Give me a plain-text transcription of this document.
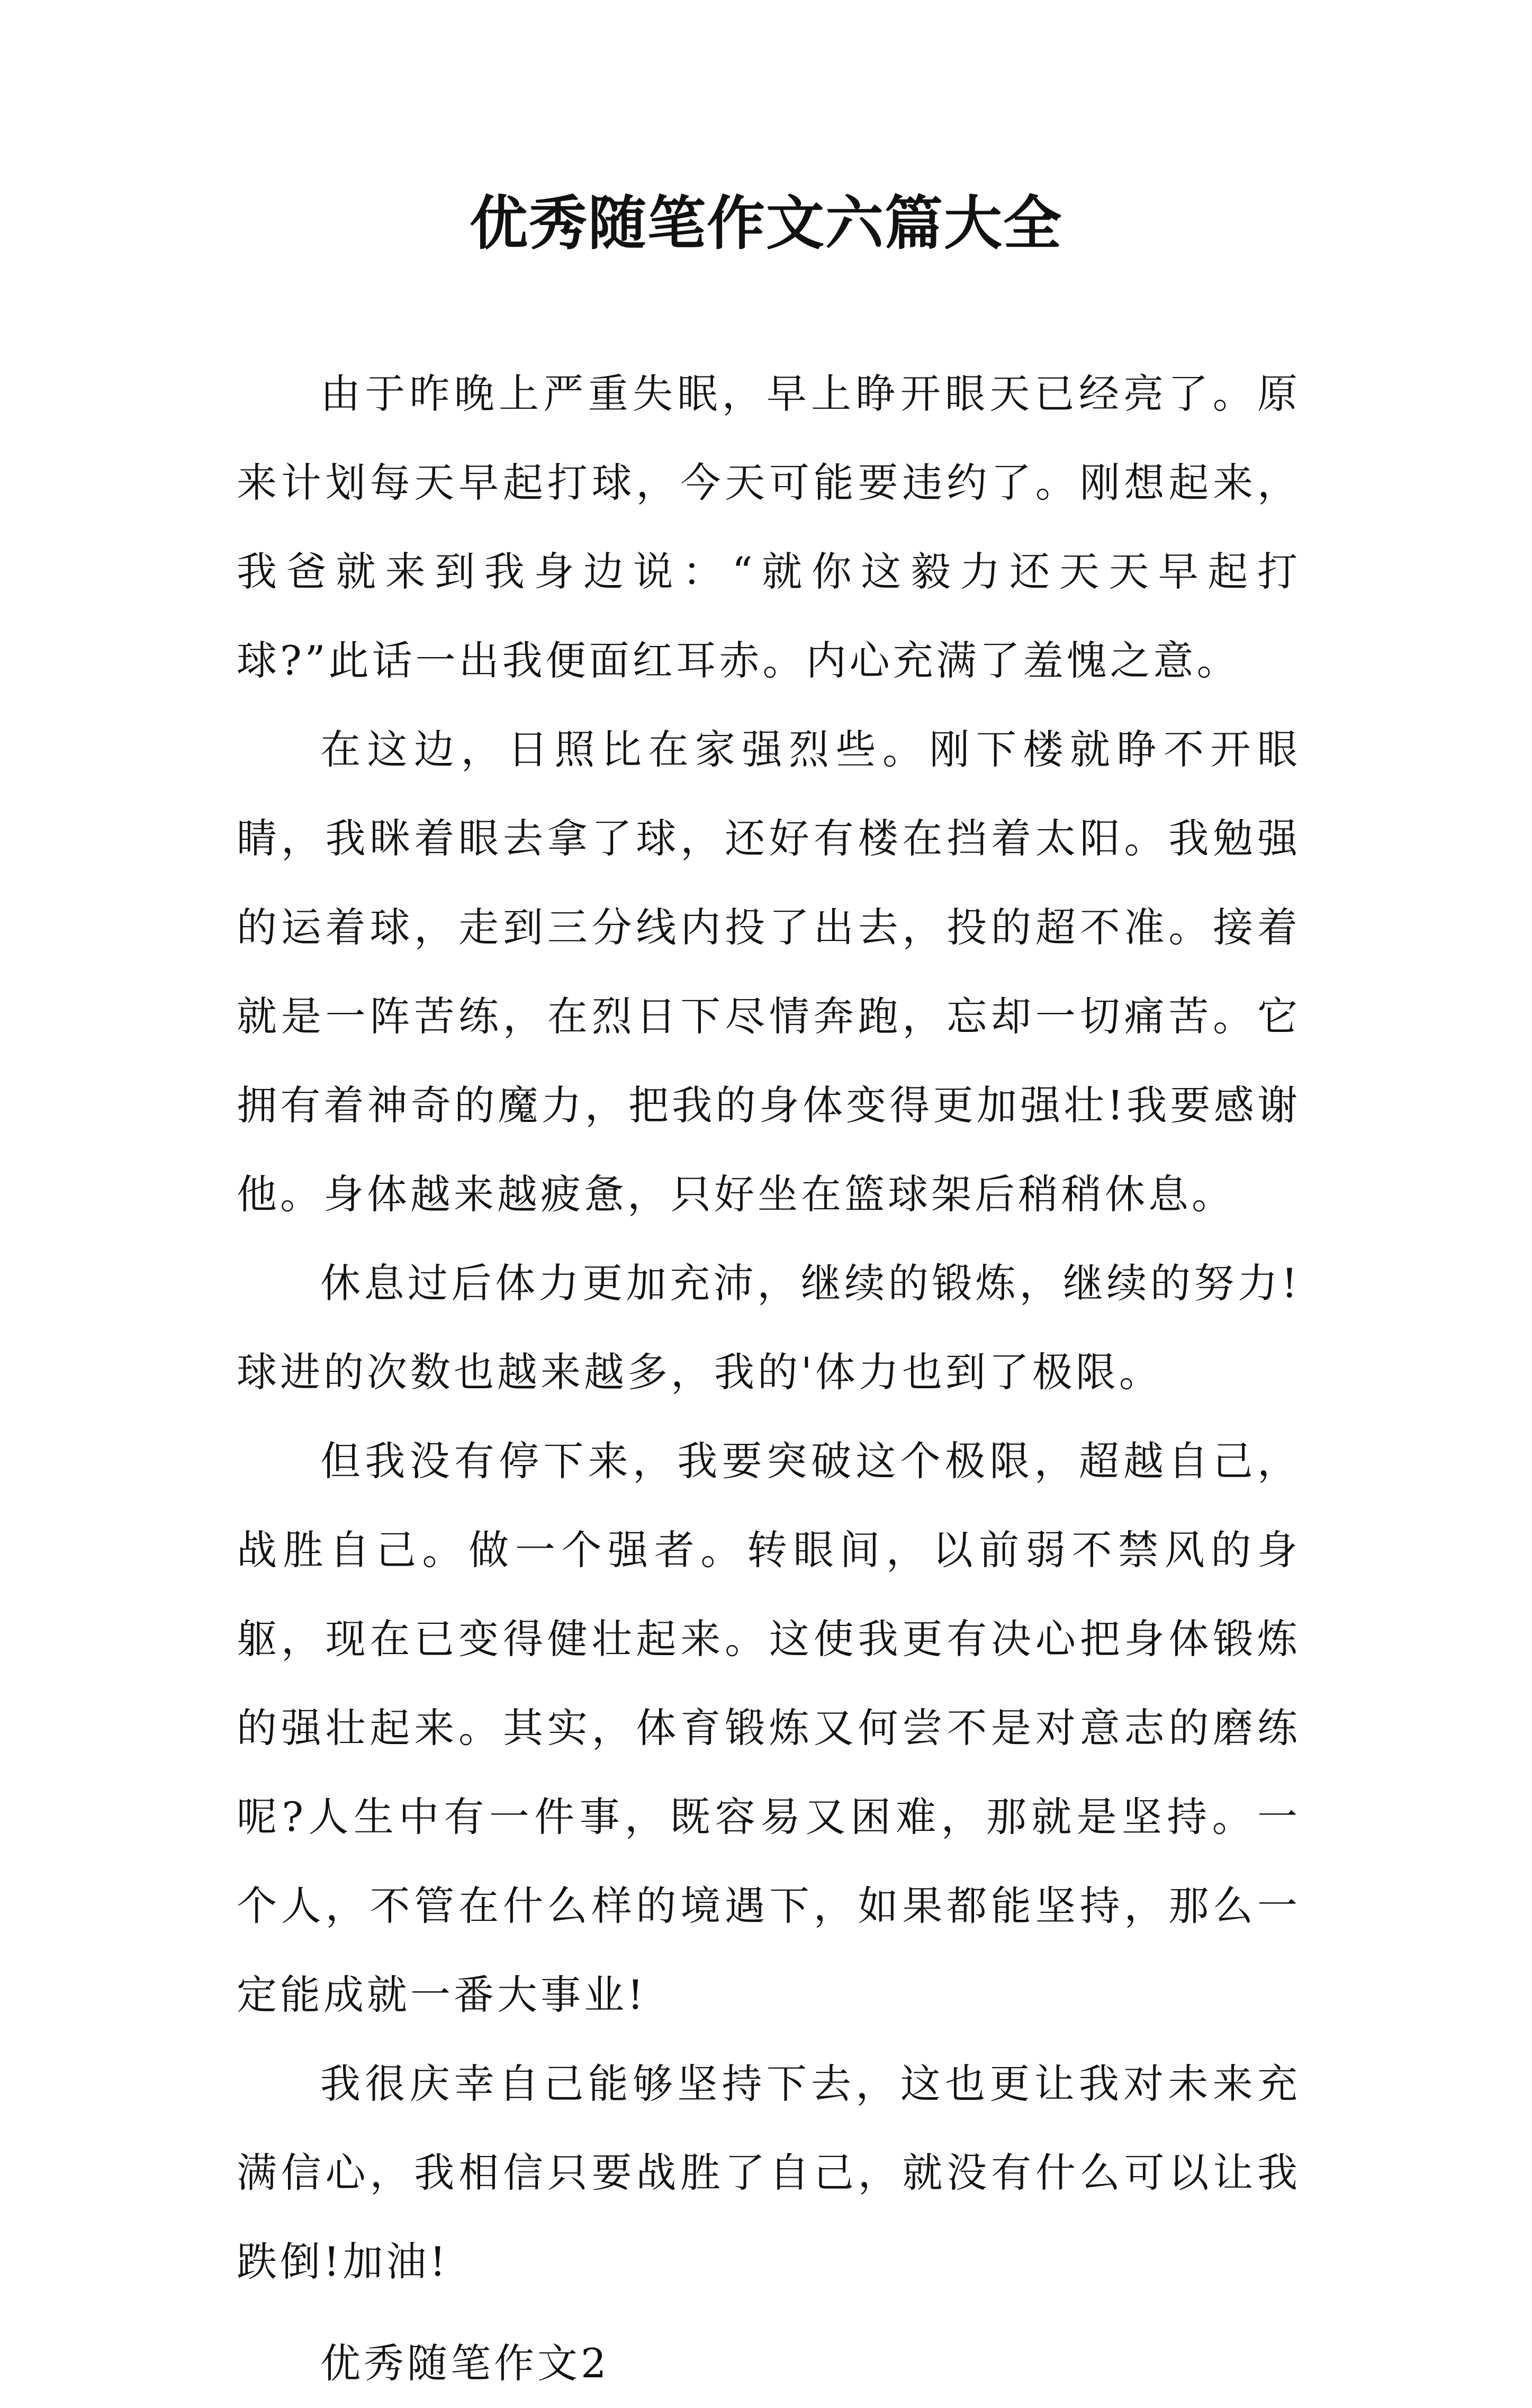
优秀随笔作文六篇大全

由于昨晚上严重失眠，早上睁开眼天已经亮了。原来计划每天早起打球，今天可能要违约了。刚想起来，我爸就来到我身边说：“就你这毅力还天天早起打球?”此话一出我便面红耳赤。内心充满了羞愧之意。

在这边，日照比在家强烈些。刚下楼就睁不开眼睛，我眯着眼去拿了球，还好有楼在挡着太阳。我勉强的运着球，走到三分线内投了出去，投的超不准。接着就是一阵苦练，在烈日下尽情奔跑，忘却一切痛苦。它拥有着神奇的魔力，把我的身体变得更加强壮!我要感谢他。身体越来越疲惫，只好坐在篮球架后稍稍休息。

休息过后体力更加充沛，继续的锻炼，继续的努力!球进的次数也越来越多，我的'体力也到了极限。

但我没有停下来，我要突破这个极限，超越自己，战胜自己。做一个强者。转眼间，以前弱不禁风的身躯，现在已变得健壮起来。这使我更有决心把身体锻炼的强壮起来。其实，体育锻炼又何尝不是对意志的磨练呢?人生中有一件事，既容易又困难，那就是坚持。一个人，不管在什么样的境遇下，如果都能坚持，那么一定能成就一番大事业!

我很庆幸自己能够坚持下去，这也更让我对未来充满信心，我相信只要战胜了自己，就没有什么可以让我跌倒!加油!

优秀随笔作文2
